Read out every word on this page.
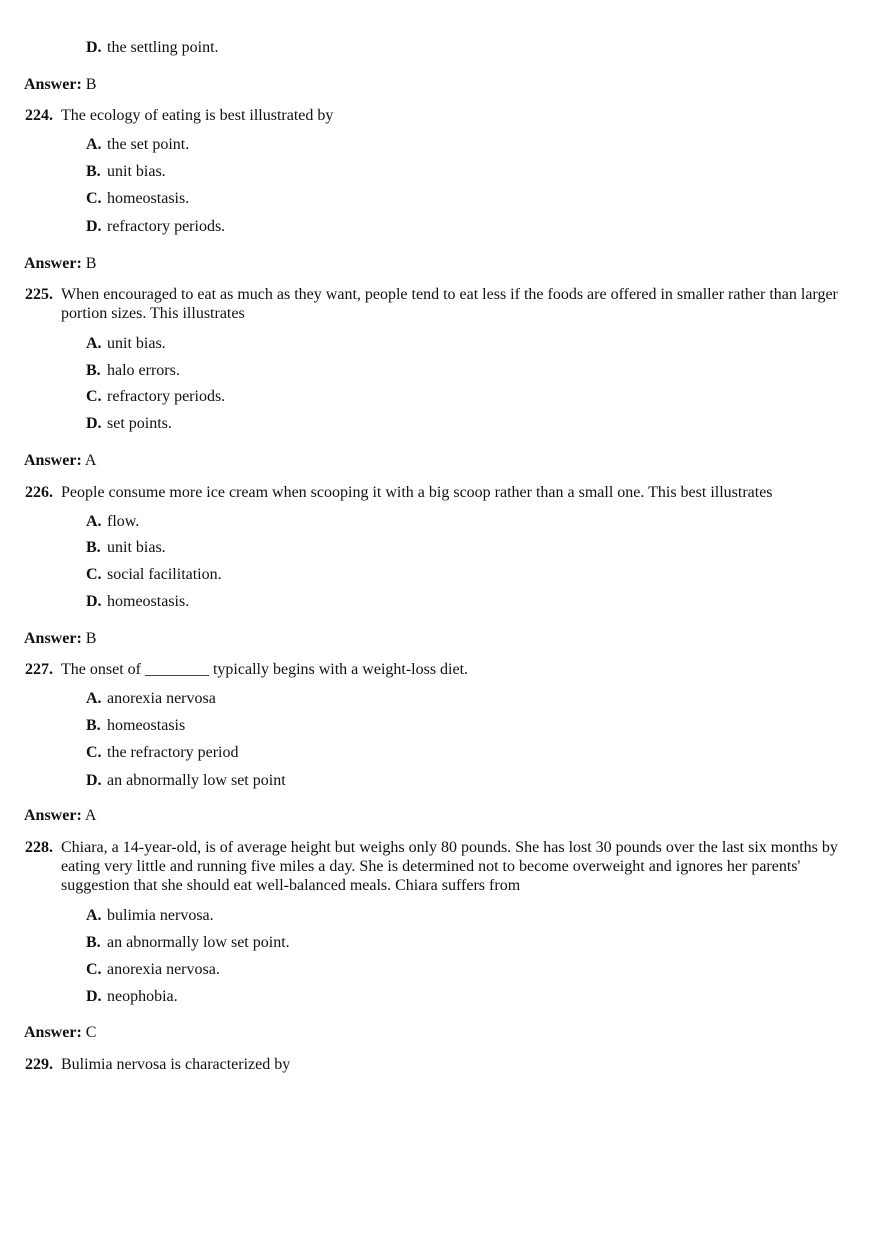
D. the settling point.
Answer: B
224. The ecology of eating is best illustrated by
A. the set point.
B. unit bias.
C. homeostasis.
D. refractory periods.
Answer: B
225. When encouraged to eat as much as they want, people tend to eat less if the foods are offered in smaller rather than larger portion sizes. This illustrates
A. unit bias.
B. halo errors.
C. refractory periods.
D. set points.
Answer: A
226. People consume more ice cream when scooping it with a big scoop rather than a small one. This best illustrates
A. flow.
B. unit bias.
C. social facilitation.
D. homeostasis.
Answer: B
227. The onset of ________ typically begins with a weight-loss diet.
A. anorexia nervosa
B. homeostasis
C. the refractory period
D. an abnormally low set point
Answer: A
228. Chiara, a 14-year-old, is of average height but weighs only 80 pounds. She has lost 30 pounds over the last six months by eating very little and running five miles a day. She is determined not to become overweight and ignores her parents' suggestion that she should eat well-balanced meals. Chiara suffers from
A. bulimia nervosa.
B. an abnormally low set point.
C. anorexia nervosa.
D. neophobia.
Answer: C
229. Bulimia nervosa is characterized by
